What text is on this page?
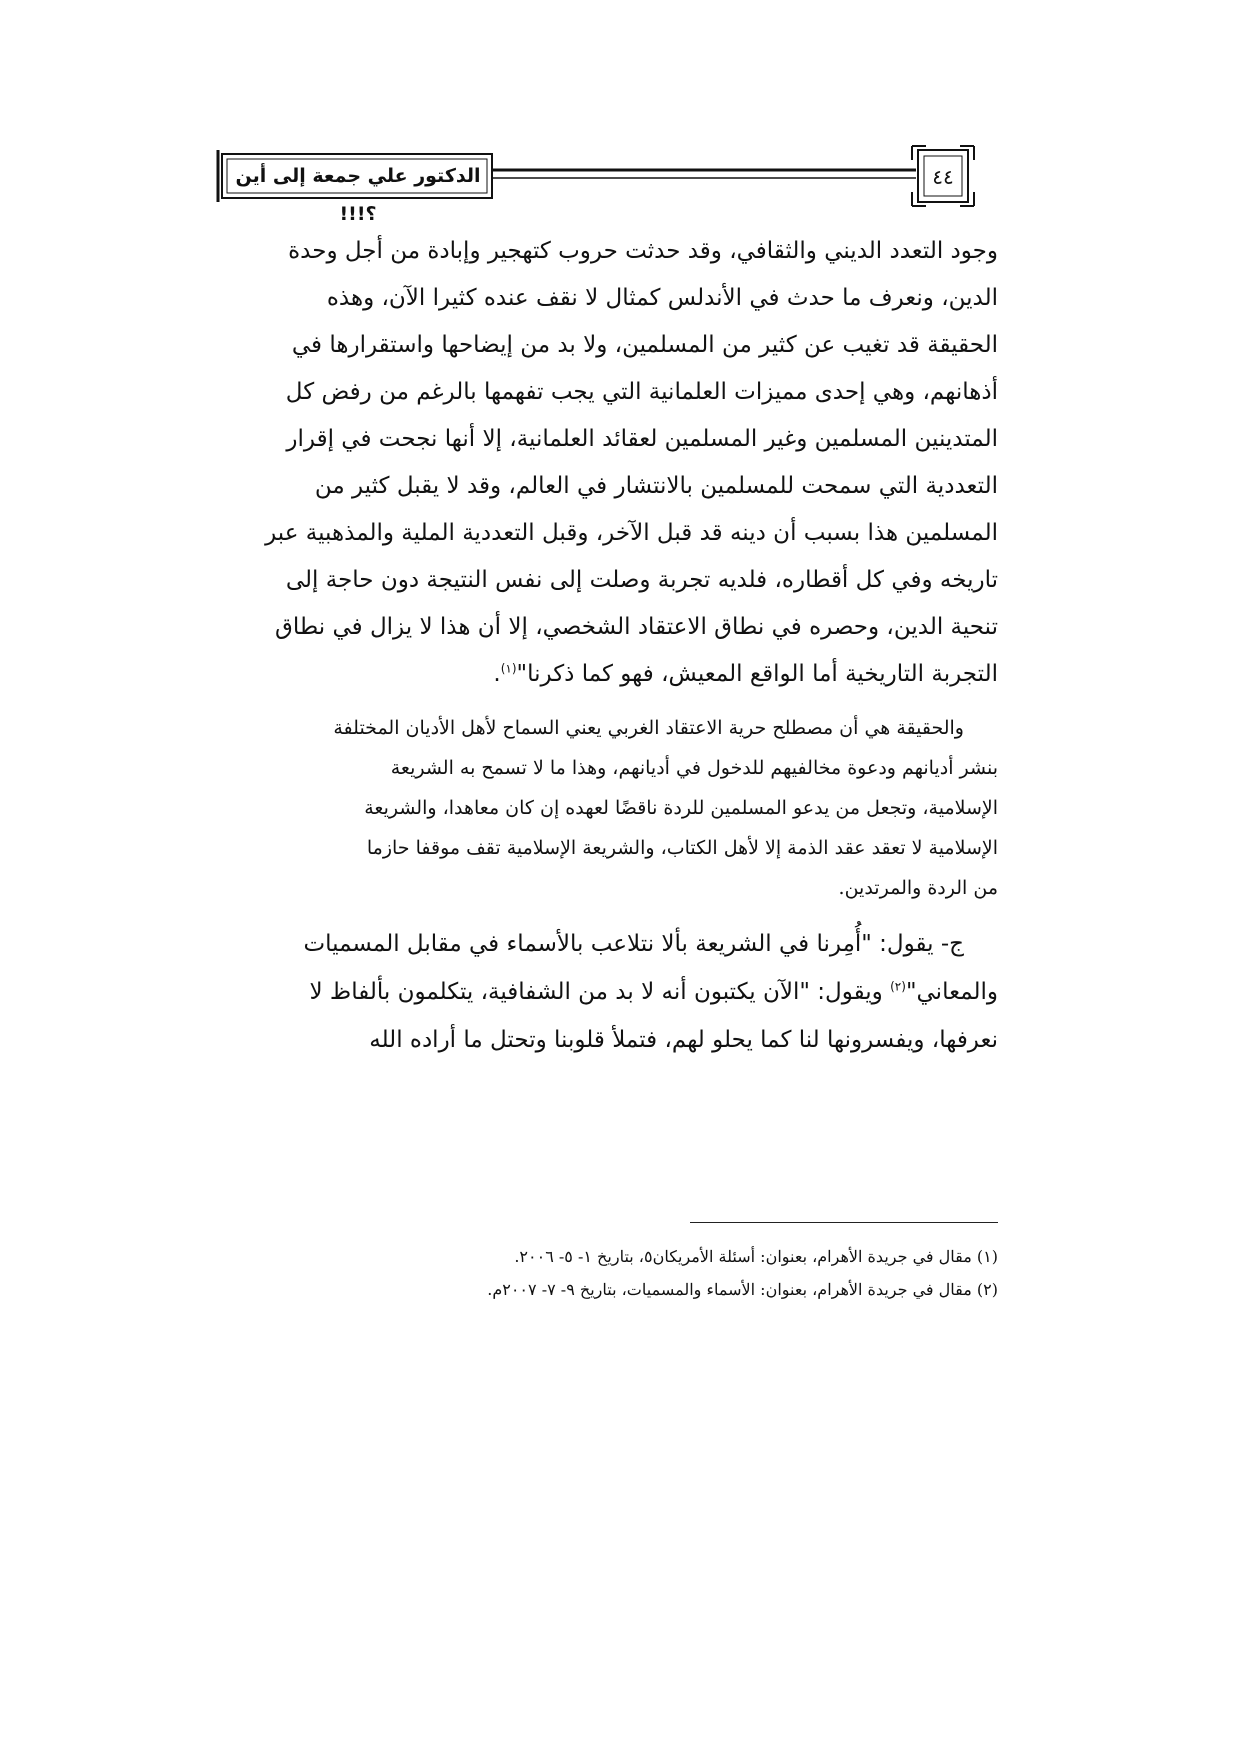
الدكتور علي جمعة إلى أين ؟!!!
٤٤
وجود التعدد الديني والثقافي، وقد حدثت حروب كتهجير وإبادة من أجل وحدة
الدين، ونعرف ما حدث في الأندلس كمثال لا نقف عنده كثيرا الآن، وهذه
الحقيقة قد تغيب عن كثير من المسلمين، ولا بد من إيضاحها واستقرارها في
أذهانهم، وهي إحدى مميزات العلمانية التي يجب تفهمها بالرغم من رفض كل
المتدينين المسلمين وغير المسلمين لعقائد العلمانية، إلا أنها نجحت في إقرار
التعددية التي سمحت للمسلمين بالانتشار في العالم، وقد لا يقبل كثير من
المسلمين هذا بسبب أن دينه قد قبل الآخر، وقبل التعددية الملية والمذهبية عبر
تاريخه وفي كل أقطاره، فلديه تجربة وصلت إلى نفس النتيجة دون حاجة إلى
تنحية الدين، وحصره في نطاق الاعتقاد الشخصي، إلا أن هذا لا يزال في نطاق
التجربة التاريخية أما الواقع المعيش، فهو كما ذكرنا"$^{(١)}$.
والحقيقة هي أن مصطلح حرية الاعتقاد الغربي يعني السماح لأهل الأديان المختلفة
بنشر أديانهم ودعوة مخالفيهم للدخول في أديانهم، وهذا ما لا تسمح به الشريعة
الإسلامية، وتجعل من يدعو المسلمين للردة ناقضًا لعهده إن كان معاهدا، والشريعة
الإسلامية لا تعقد عقد الذمة إلا لأهل الكتاب، والشريعة الإسلامية تقف موقفا حازما
من الردة والمرتدين.
ج- يقول: "أُمِرنا في الشريعة بألا نتلاعب بالأسماء في مقابل المسميات
والمعاني"$^{(٢)}$ ويقول: "الآن يكتبون أنه لا بد من الشفافية، يتكلمون بألفاظ لا
نعرفها، ويفسرونها لنا كما يحلو لهم، فتملأ قلوبنا وتحتل ما أراده الله
(١) مقال في جريدة الأهرام، بعنوان: أسئلة الأمريكان٥، بتاريخ ١- ٥- ٢٠٠٦.
(٢) مقال في جريدة الأهرام، بعنوان: الأسماء والمسميات، بتاريخ ٩- ٧- ٢٠٠٧م.
